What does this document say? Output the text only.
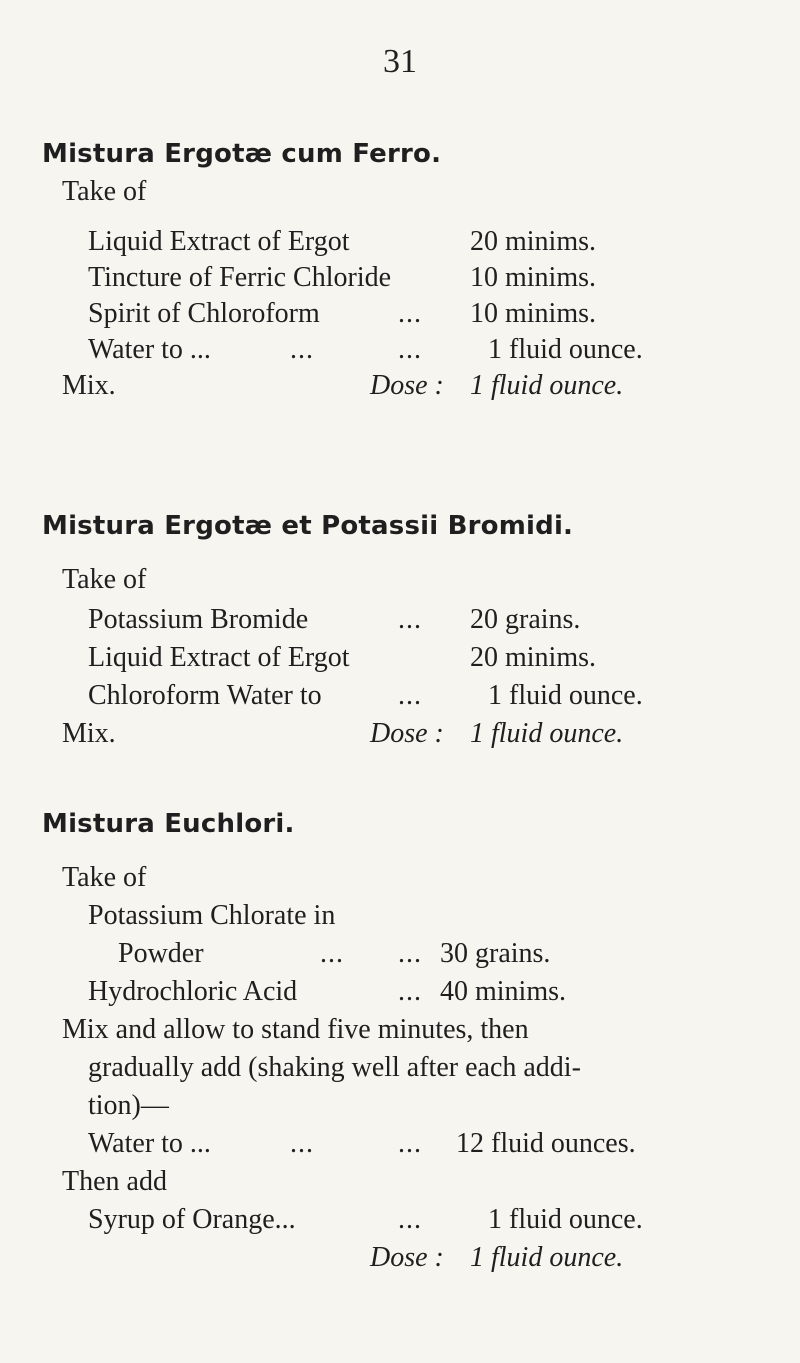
31
Mistura Ergotæ cum Ferro.
Take of
Liquid Extract of Ergot	20 minims.
Tincture of Ferric Chloride	10 minims.
Spirit of Chloroform	... 10 minims.
Water to ...	...	... 1 fluid ounce.
Mix.	Dose : 1 fluid ounce.
Mistura Ergotæ et Potassii Bromidi.
Take of
Potassium Bromide	... 20 grains.
Liquid Extract of Ergot	20 minims.
Chloroform Water to	... 1 fluid ounce.
Mix.	Dose : 1 fluid ounce.
Mistura Euchlori.
Take of
Potassium Chlorate in
Powder	... ... 30 grains.
Hydrochloric Acid	... 40 minims.
Mix and allow to stand five minutes, then
gradually add (shaking well after each addi-
tion)—
Water to ...	...	... 12 fluid ounces.
Then add
Syrup of Orange...	... 1 fluid ounce.
Dose : 1 fluid ounce.
